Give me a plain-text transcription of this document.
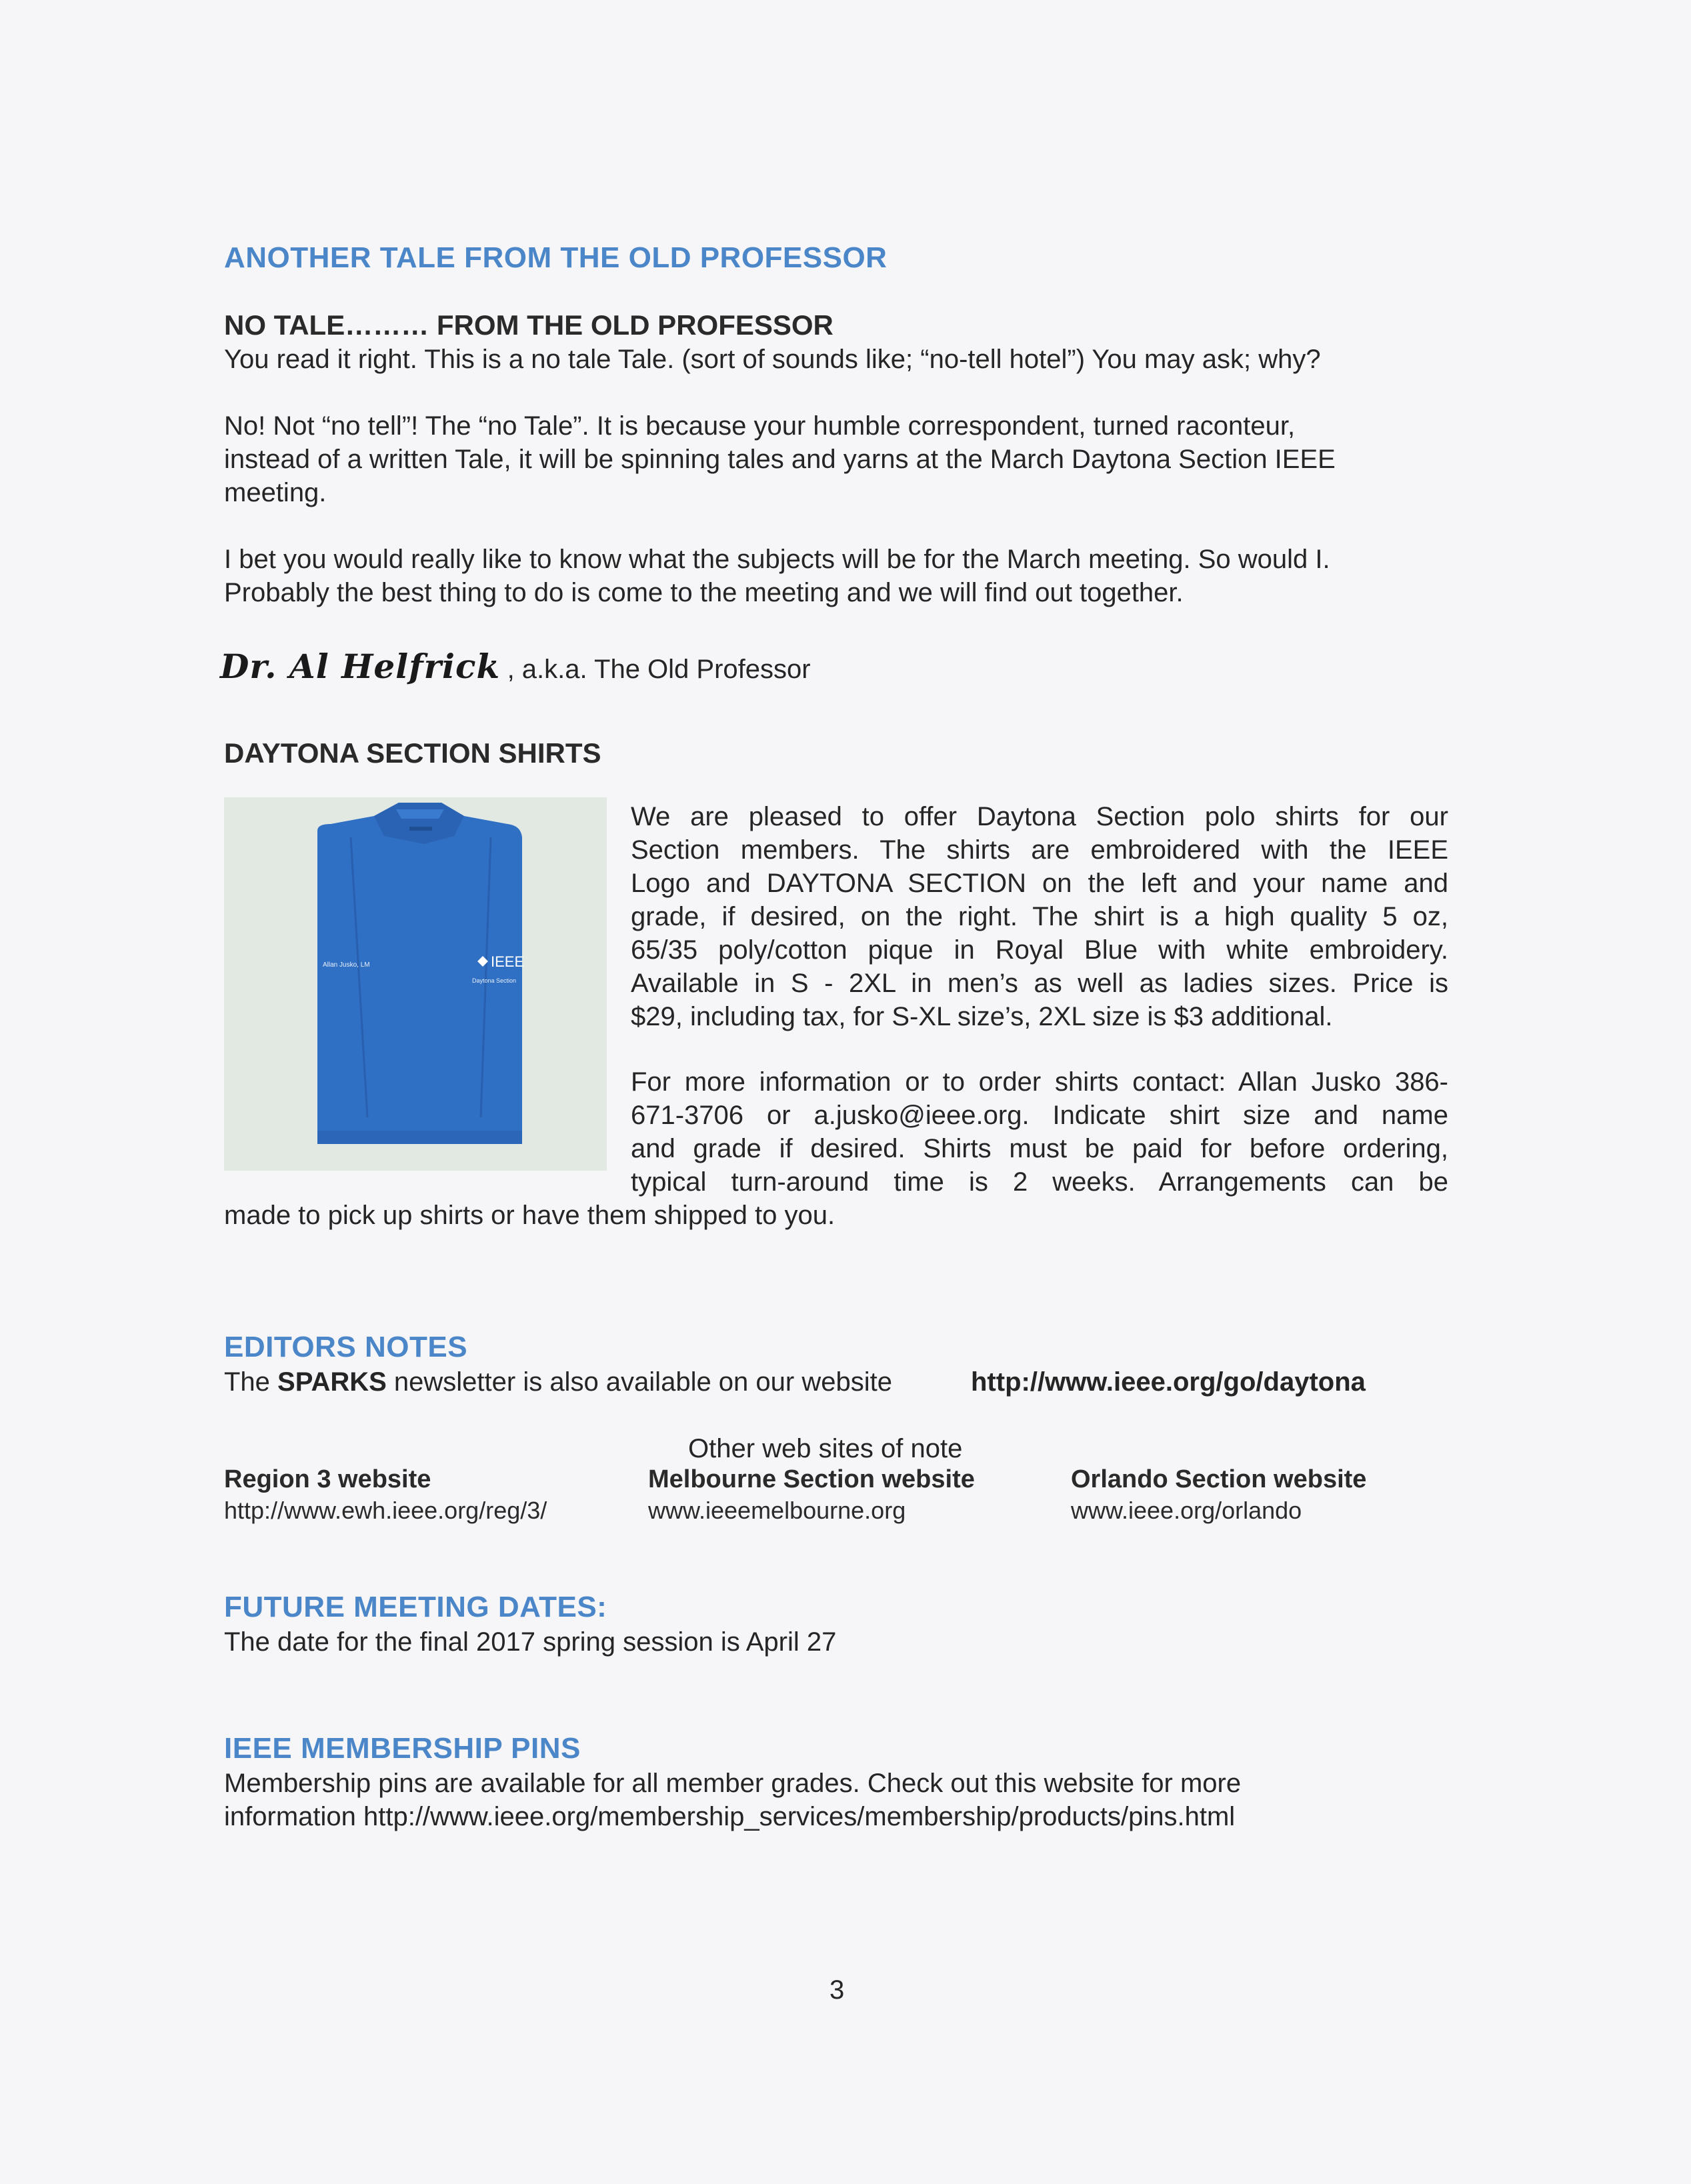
ANOTHER TALE FROM THE OLD PROFESSOR
NO TALE……… FROM THE OLD PROFESSOR
You read it right. This is a no tale Tale. (sort of sounds like; “no-tell hotel”) You may ask; why?
No! Not “no tell”! The “no Tale”. It is because your humble correspondent, turned raconteur,
instead of a written Tale, it will be spinning tales and yarns at the March Daytona Section IEEE
meeting.
I bet you would really like to know what the subjects will be for the March meeting. So would I.
Probably the best thing to do is come to the meeting and we will find out together.
Dr. Al Helfrick , a.k.a. The Old Professor
DAYTONA SECTION SHIRTS
IEEE
Daytona Section
Allan Jusko, LM
We are pleased to offer Daytona Section polo shirts for our
Section members. The shirts are embroidered with the IEEE
Logo and DAYTONA SECTION on the left and your name and
grade, if desired, on the right. The shirt is a high quality 5 oz,
65/35 poly/cotton pique in Royal Blue with white embroidery.
Available in S - 2XL in men’s as well as ladies sizes. Price is
$29, including tax, for S-XL size’s, 2XL size is $3 additional.
For more information or to order shirts contact: Allan Jusko 386-
671-3706 or a.jusko@ieee.org. Indicate shirt size and name
and grade if desired. Shirts must be paid for before ordering,
typical turn-around time is 2 weeks. Arrangements can be
made to pick up shirts or have them shipped to you.
EDITORS NOTES
The SPARKS newsletter is also available on our website	http://www.ieee.org/go/daytona
Other web sites of note
Region 3 website
http://www.ewh.ieee.org/reg/3/
Melbourne Section website
www.ieeemelbourne.org
Orlando Section website
www.ieee.org/orlando
FUTURE MEETING DATES:
The date for the final 2017 spring session is April 27
IEEE MEMBERSHIP PINS
Membership pins are available for all member grades. Check out this website for more
information http://www.ieee.org/membership_services/membership/products/pins.html
3
